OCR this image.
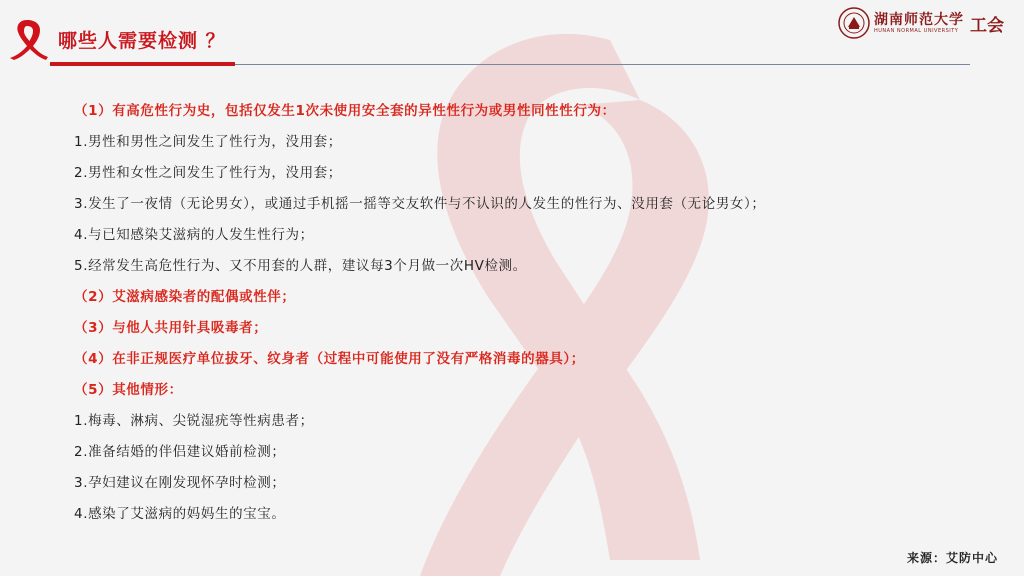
哪些人需要检测 ？
湖南师范大学
HUNAN NORMAL UNIVERSITY 工会
（1）有高危性行为史，包括仅发生1次未使用安全套的异性性行为或男性同性性行为：
1.男性和男性之间发生了性行为，没用套；
2.男性和女性之间发生了性行为，没用套；
3.发生了一夜情（无论男女），或通过手机摇一摇等交友软件与不认识的人发生的性行为、没用套（无论男女）；
4.与已知感染艾滋病的人发生性行为；
5.经常发生高危性行为、又不用套的人群，建议每3个月做一次HV检测。
（2）艾滋病感染者的配偶或性伴；
（3）与他人共用针具吸毒者；
（4）在非正规医疗单位拔牙、纹身者（过程中可能使用了没有严格消毒的器具）；
（5）其他情形：
1.梅毒、淋病、尖锐湿疣等性病患者；
2.准备结婚的伴侣建议婚前检测；
3.孕妇建议在刚发现怀孕时检测；
4.感染了艾滋病的妈妈生的宝宝。
来源：艾防中心
